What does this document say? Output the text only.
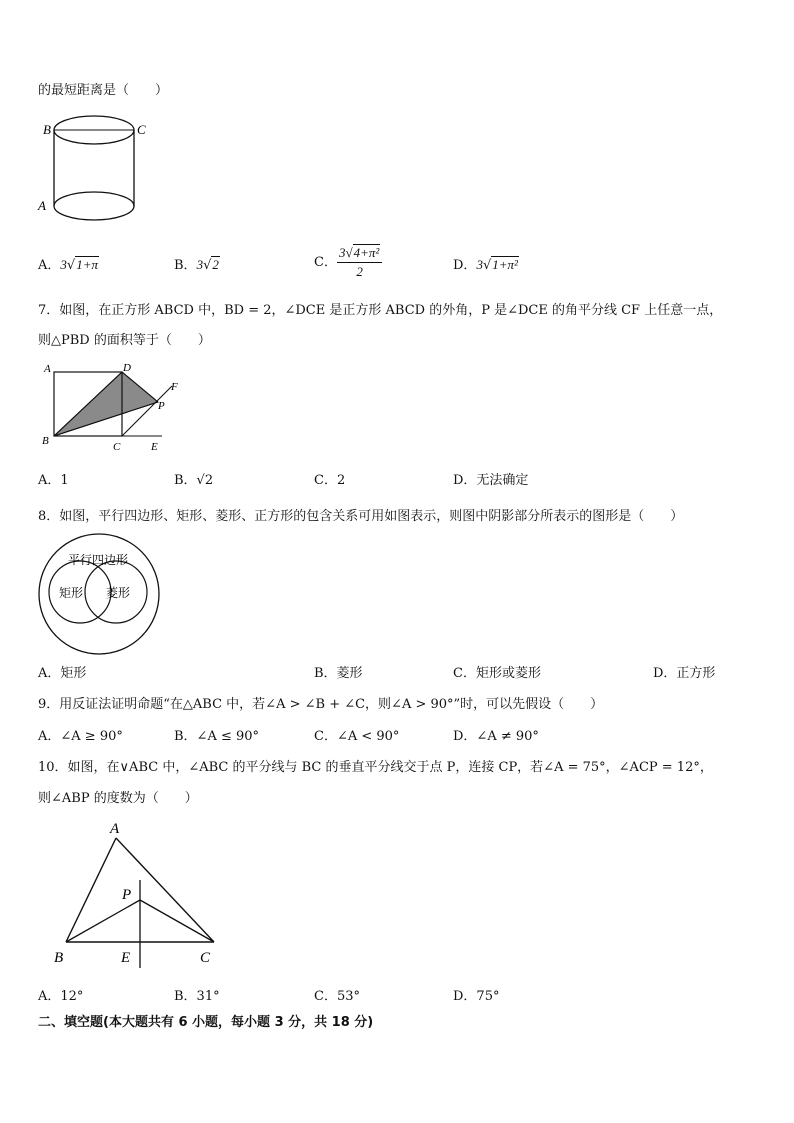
的最短距离是（　　）
B	C
A
A．3√1+π	B．3√2	C． $\frac{\text{3√4+π²}}{2}$	D．3√1+π²
7．如图，在正方形 ABCD 中，BD = 2，∠DCE 是正方形 ABCD 的外角，P 是∠DCE 的角平分线 CF 上任意一点，
则△PBD 的面积等于（　　）
A	D
F
P
B	C	E
A．1	B．√2	C．2	D．无法确定
8．如图，平行四边形、矩形、菱形、正方形的包含关系可用如图表示，则图中阴影部分所表示的图形是（　　）
平行四边形
矩形 菱形
A．矩形	B．菱形	C．矩形或菱形	D．正方形
9．用反证法证明命题“在△ABC 中，若∠A > ∠B + ∠C，则∠A > 90°”时，可以先假设（　　）
A．∠A ≥ 90°	B．∠A ≤ 90°	C．∠A < 90°	D．∠A ≠ 90°
10．如图，在∨ABC 中，∠ABC 的平分线与 BC 的垂直平分线交于点 P，连接 CP，若∠A = 75°，∠ACP = 12°，
则∠ABP 的度数为（　　）
A
P
B	E	C
A．12°	B．31°	C．53°	D．75°
二、填空题(本大题共有 6 小题，每小题 3 分，共 18 分)
